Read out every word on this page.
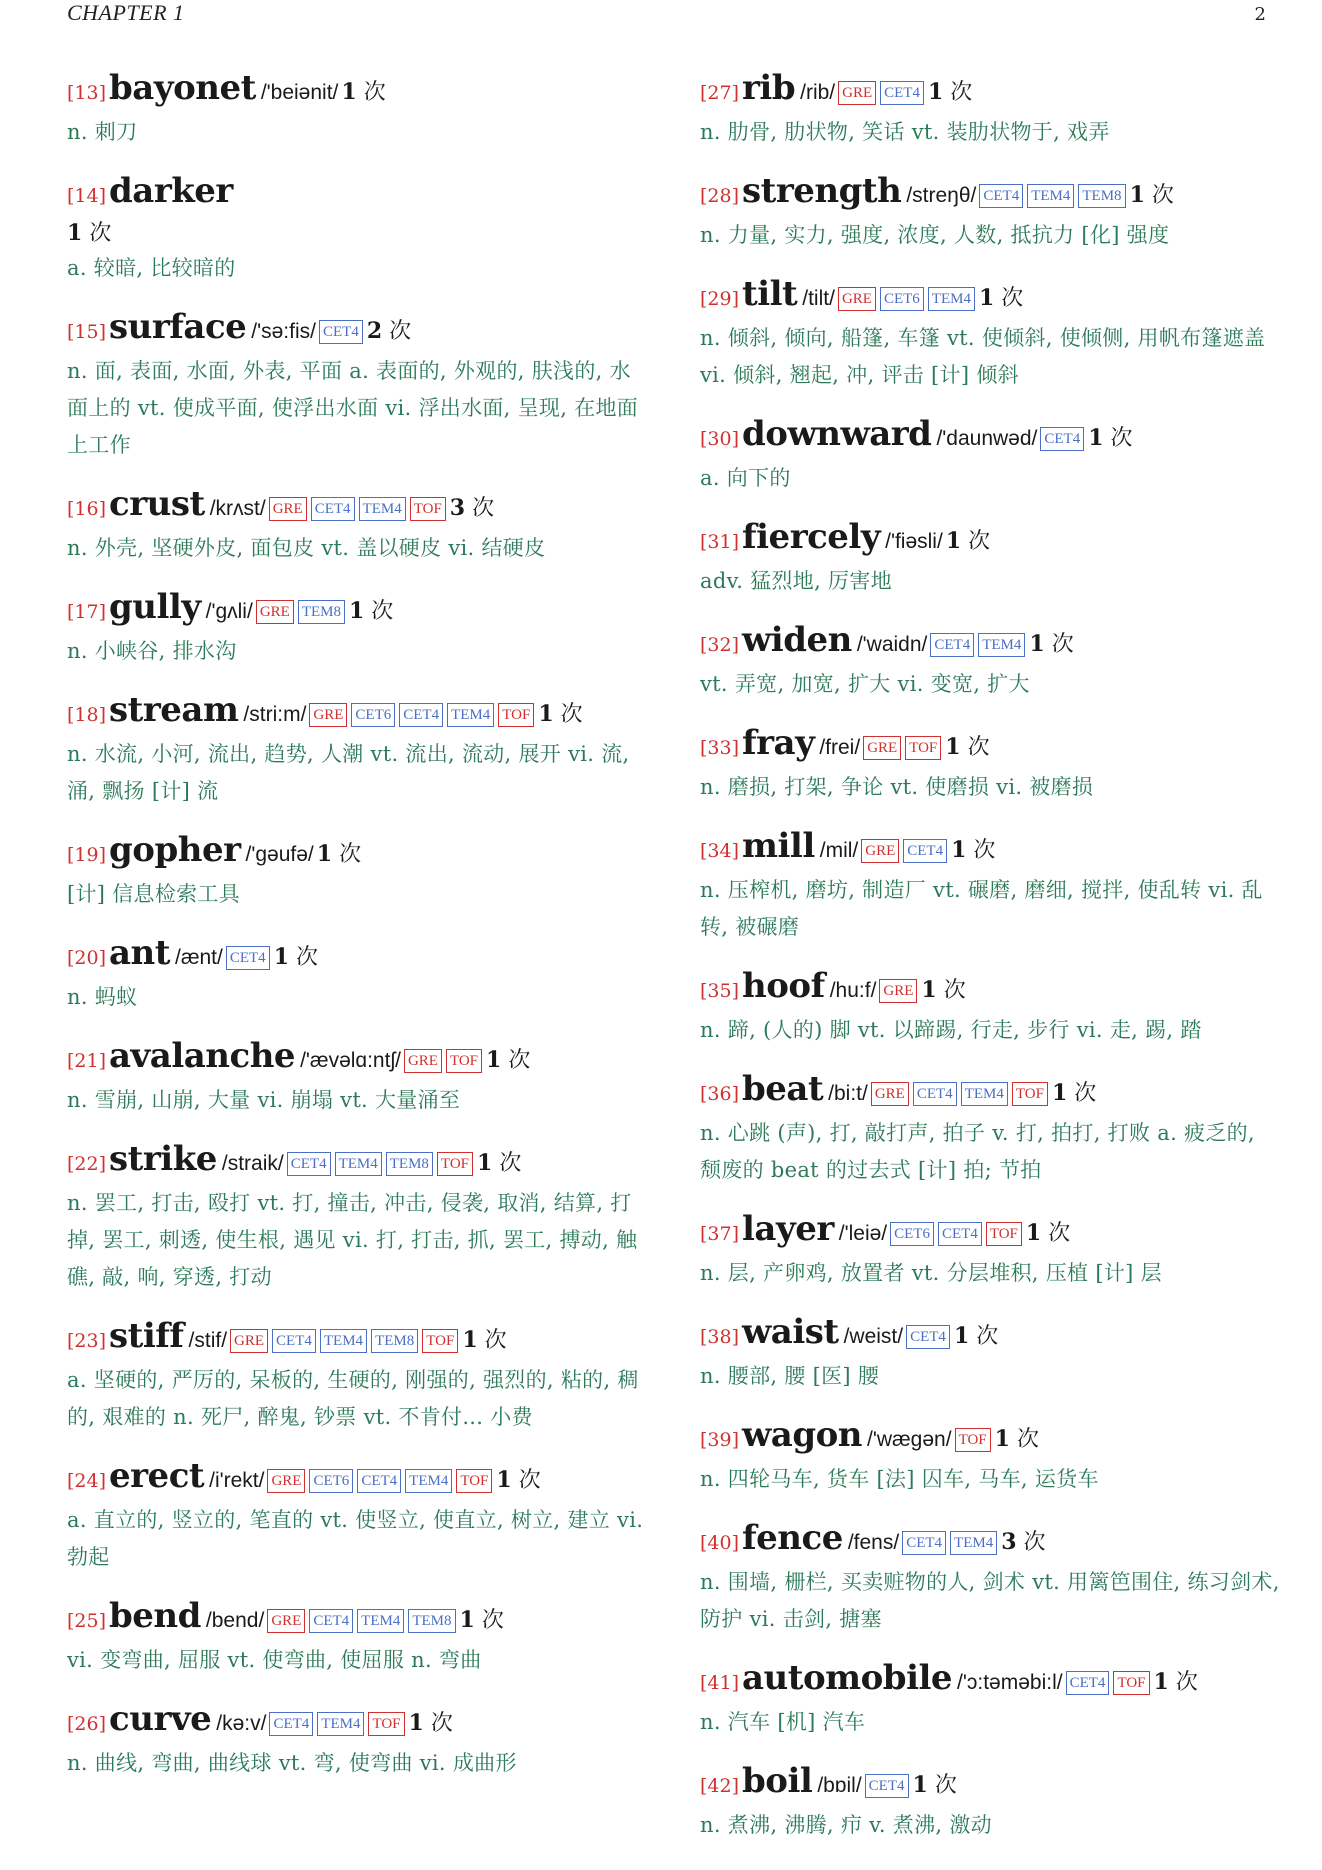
CHAPTER 1	2
[13]bayonet /'beiənit/ 1 次
n. 刺刀
[14]darker
1 次
a. 较暗, 比较暗的
[15]surface /'sə:fis/ CET4 2 次
n. 面, 表面, 水面, 外表, 平面 a. 表面的, 外观的, 肤浅的, 水面上的 vt. 使成平面, 使浮出水面 vi. 浮出水面, 呈现, 在地面上工作
[16]crust /krʌst/ GRE CET4 TEM4 TOF 3 次
n. 外壳, 坚硬外皮, 面包皮 vt. 盖以硬皮 vi. 结硬皮
[17]gully /'gʌli/ GRE TEM8 1 次
n. 小峡谷, 排水沟
[18]stream /stri:m/ GRE CET6 CET4 TEM4 TOF 1 次
n. 水流, 小河, 流出, 趋势, 人潮 vt. 流出, 流动, 展开 vi. 流, 涌, 飘扬 [计] 流
[19]gopher /'gəufə/ 1 次
[计] 信息检索工具
[20]ant /ænt/ CET4 1 次
n. 蚂蚁
[21]avalanche /'ævəlɑ:ntʃ/ GRE TOF 1 次
n. 雪崩, 山崩, 大量 vi. 崩塌 vt. 大量涌至
[22]strike /straik/ CET4 TEM4 TEM8 TOF 1 次
n. 罢工, 打击, 殴打 vt. 打, 撞击, 冲击, 侵袭, 取消, 结算, 打掉, 罢工, 刺透, 使生根, 遇见 vi. 打, 打击, 抓, 罢工, 搏动, 触礁, 敲, 响, 穿透, 打动
[23]stiff /stif/ GRE CET4 TEM4 TEM8 TOF 1 次
a. 坚硬的, 严厉的, 呆板的, 生硬的, 刚强的, 强烈的, 粘的, 稠的, 艰难的 n. 死尸, 醉鬼, 钞票 vt. 不肯付... 小费
[24]erect /i'rekt/ GRE CET6 CET4 TEM4 TOF 1 次
a. 直立的, 竖立的, 笔直的 vt. 使竖立, 使直立, 树立, 建立 vi. 勃起
[25]bend /bend/ GRE CET4 TEM4 TEM8 1 次
vi. 变弯曲, 屈服 vt. 使弯曲, 使屈服 n. 弯曲
[26]curve /kə:v/ CET4 TEM4 TOF 1 次
n. 曲线, 弯曲, 曲线球 vt. 弯, 使弯曲 vi. 成曲形
[27]rib /rib/ GRE CET4 1 次
n. 肋骨, 肋状物, 笑话 vt. 装肋状物于, 戏弄
[28]strength /streŋθ/ CET4 TEM4 TEM8 1 次
n. 力量, 实力, 强度, 浓度, 人数, 抵抗力 [化] 强度
[29]tilt /tilt/ GRE CET6 TEM4 1 次
n. 倾斜, 倾向, 船篷, 车篷 vt. 使倾斜, 使倾侧, 用帆布篷遮盖 vi. 倾斜, 翘起, 冲, 评击 [计] 倾斜
[30]downward /'daunwəd/ CET4 1 次
a. 向下的
[31]fiercely /'fiəsli/ 1 次
adv. 猛烈地, 厉害地
[32]widen /'waidn/ CET4 TEM4 1 次
vt. 弄宽, 加宽, 扩大 vi. 变宽, 扩大
[33]fray /frei/ GRE TOF 1 次
n. 磨损, 打架, 争论 vt. 使磨损 vi. 被磨损
[34]mill /mil/ GRE CET4 1 次
n. 压榨机, 磨坊, 制造厂 vt. 碾磨, 磨细, 搅拌, 使乱转 vi. 乱转, 被碾磨
[35]hoof /hu:f/ GRE 1 次
n. 蹄, (人的) 脚 vt. 以蹄踢, 行走, 步行 vi. 走, 踢, 踏
[36]beat /bi:t/ GRE CET4 TEM4 TOF 1 次
n. 心跳 (声), 打, 敲打声, 拍子 v. 打, 拍打, 打败 a. 疲乏的, 颓废的 beat 的过去式 [计] 拍; 节拍
[37]layer /'leiə/ CET6 CET4 TOF 1 次
n. 层, 产卵鸡, 放置者 vt. 分层堆积, 压植 [计] 层
[38]waist /weist/ CET4 1 次
n. 腰部, 腰 [医] 腰
[39]wagon /'wægən/ TOF 1 次
n. 四轮马车, 货车 [法] 囚车, 马车, 运货车
[40]fence /fens/ CET4 TEM4 3 次
n. 围墙, 栅栏, 买卖赃物的人, 剑术 vt. 用篱笆围住, 练习剑术, 防护 vi. 击剑, 搪塞
[41]automobile /'ɔ:təməbi:l/ CET4 TOF 1 次
n. 汽车 [机] 汽车
[42]boil /bɒil/ CET4 1 次
n. 煮沸, 沸腾, 疖 v. 煮沸, 激动
